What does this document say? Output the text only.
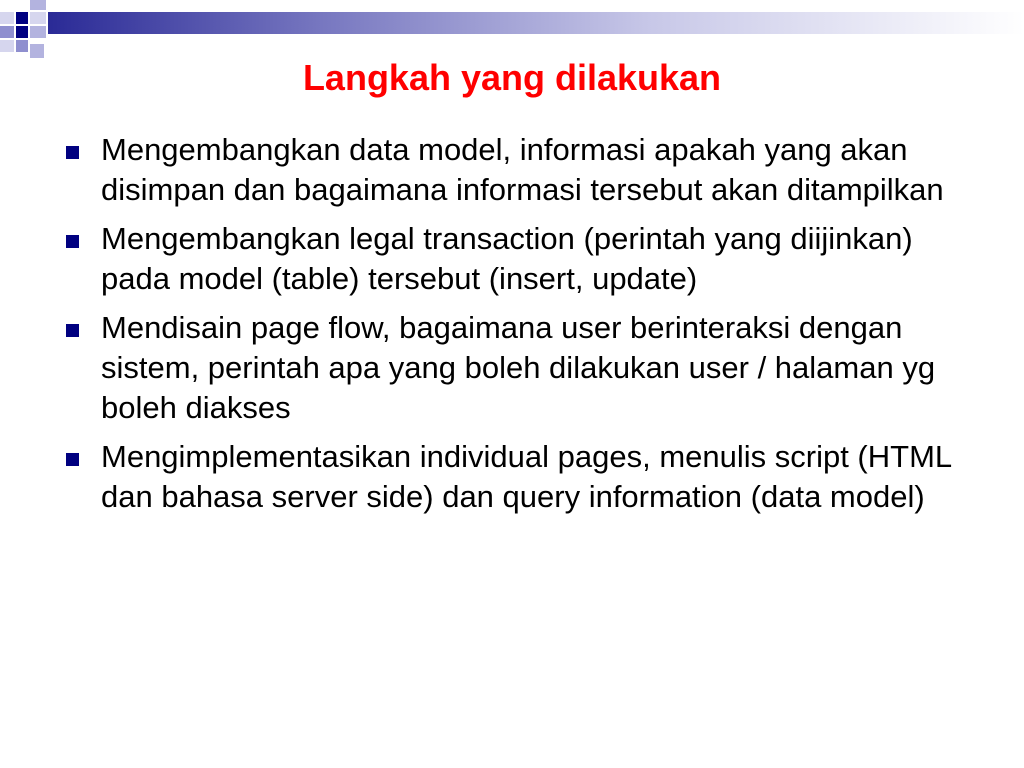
Langkah yang dilakukan
Mengembangkan data model, informasi apakah yang akan disimpan dan bagaimana informasi tersebut akan ditampilkan
Mengembangkan legal transaction (perintah yang diijinkan) pada model (table) tersebut (insert, update)
Mendisain page flow, bagaimana user berinteraksi dengan sistem, perintah apa yang boleh dilakukan user / halaman yg boleh diakses
Mengimplementasikan individual pages, menulis script (HTML dan bahasa server side) dan query information (data model)
